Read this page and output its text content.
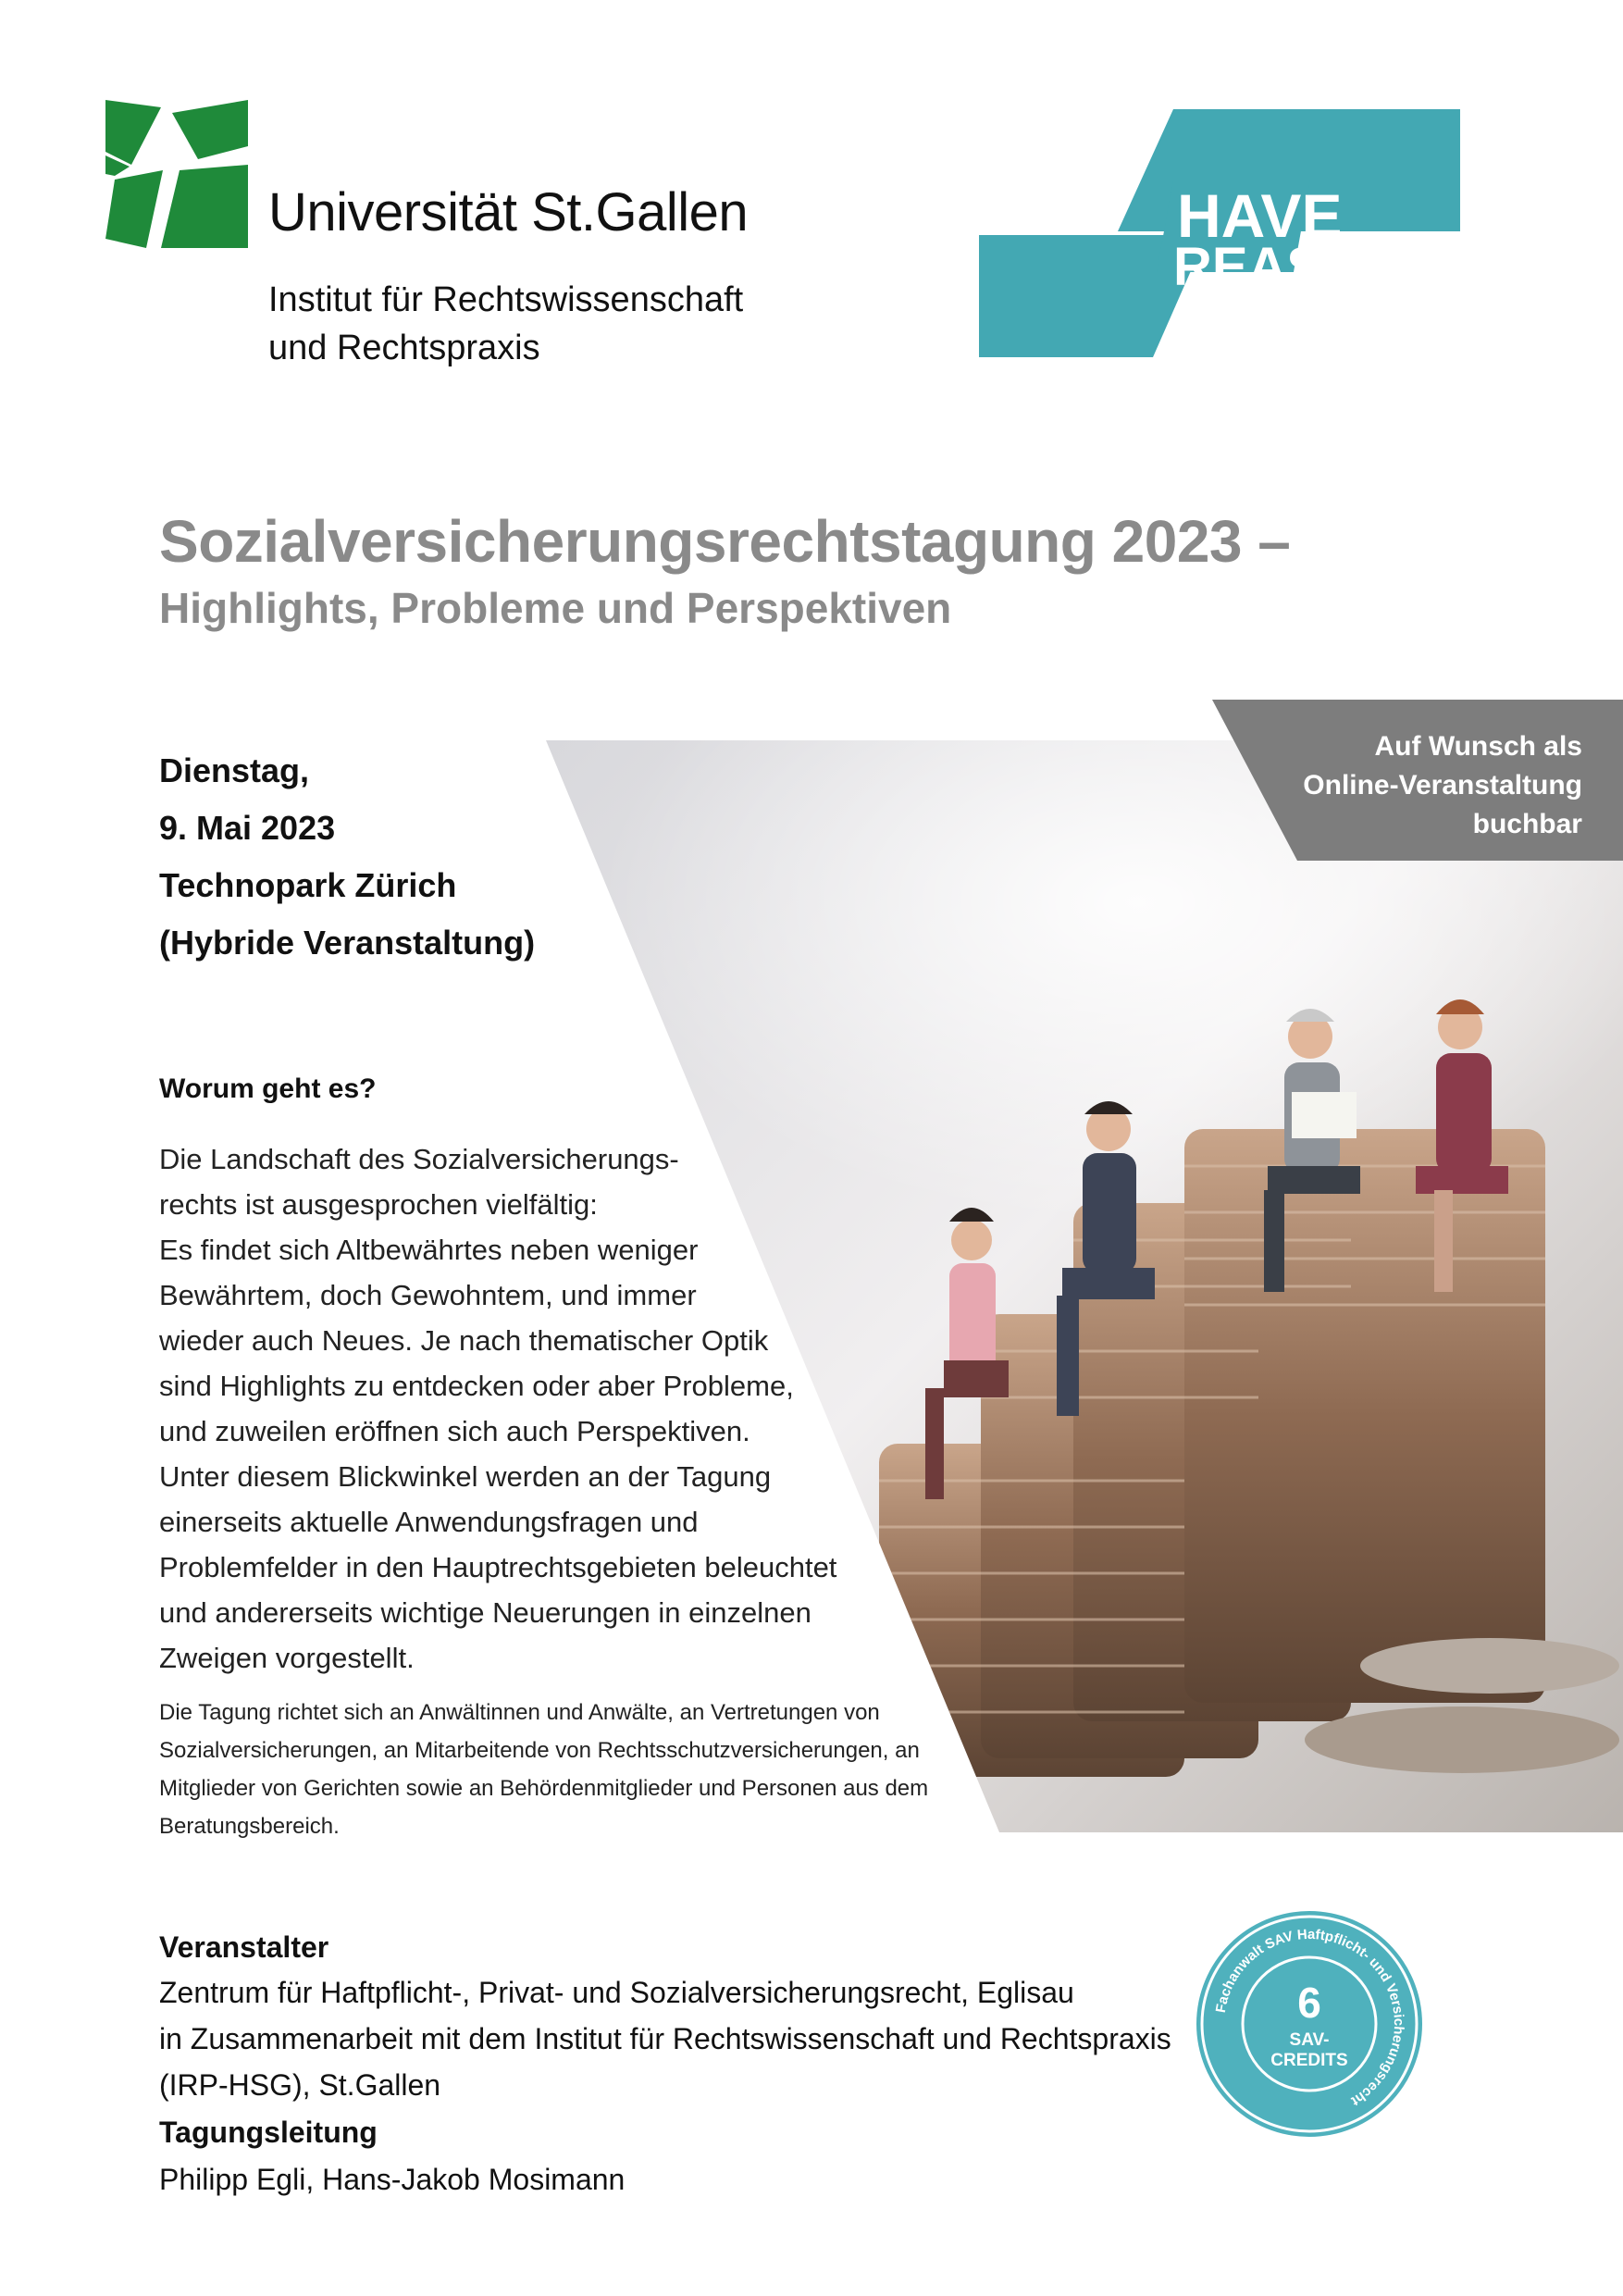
Universität St.Gallen
Institut für Rechtswissenschaft
und Rechtspraxis
HAVE
REAS
Sozialversicherungsrechtstagung 2023 –
Highlights, Probleme und Perspektiven
Auf Wunsch als
Online-Veranstaltung
buchbar
Dienstag,
9. Mai 2023
Technopark Zürich
(Hybride Veranstaltung)
Worum geht es?
Die Landschaft des Sozialversicherungs-
rechts ist ausgesprochen vielfältig:
Es findet sich Altbewährtes neben weniger
Bewährtem, doch Gewohntem, und immer
wieder auch Neues. Je nach thematischer Optik
sind Highlights zu entdecken oder aber Probleme,
und zuweilen eröffnen sich auch Perspektiven.
Unter diesem Blickwinkel werden an der Tagung
einerseits aktuelle Anwendungsfragen und
Problemfelder in den Hauptrechtsgebieten beleuchtet
und andererseits wichtige Neuerungen in einzelnen
Zweigen vorgestellt.
Die Tagung richtet sich an Anwältinnen und Anwälte, an Vertretungen von
Sozialversicherungen, an Mitarbeitende von Rechtsschutzversicherungen, an
Mitglieder von Gerichten sowie an Behördenmitglieder und Personen aus dem
Beratungsbereich.
Veranstalter
Zentrum für Haftpflicht-, Privat- und Sozialversicherungsrecht, Eglisau
in Zusammenarbeit mit dem Institut für Rechtswissenschaft und Rechtspraxis
(IRP-HSG), St.Gallen
Tagungsleitung
Philipp Egli, Hans-Jakob Mosimann
Fachanwalt SAV Haftpflicht- und Versicherungsrecht
6
SAV-
CREDITS
